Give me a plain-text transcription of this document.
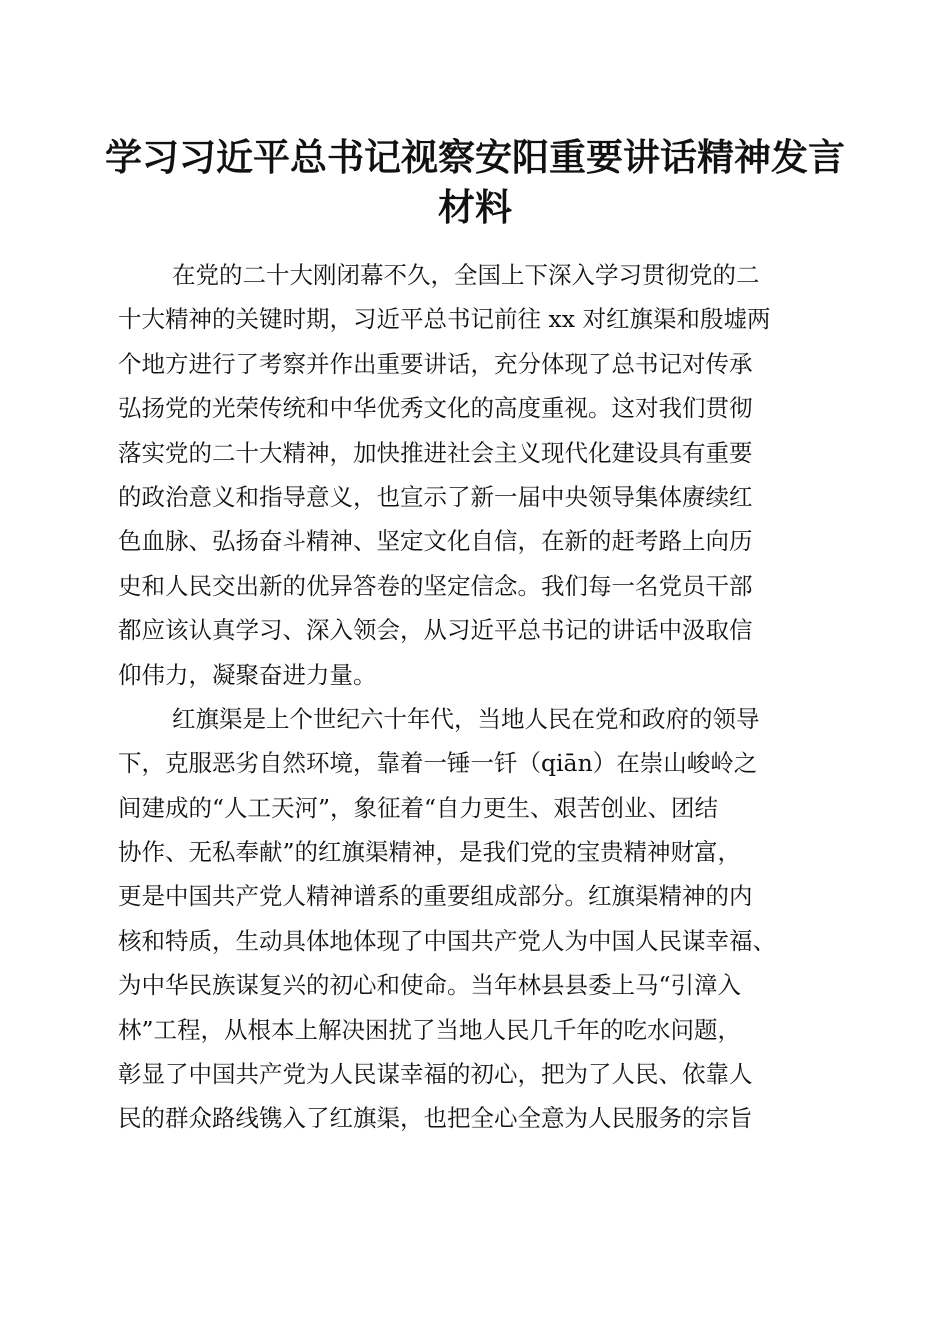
学习习近平总书记视察安阳重要讲话精神发言
材料
在党的二十大刚闭幕不久，全国上下深入学习贯彻党的二
十大精神的关键时期，习近平总书记前往 xx 对红旗渠和殷墟两
个地方进行了考察并作出重要讲话，充分体现了总书记对传承
弘扬党的光荣传统和中华优秀文化的高度重视。这对我们贯彻
落实党的二十大精神，加快推进社会主义现代化建设具有重要
的政治意义和指导意义，也宣示了新一届中央领导集体赓续红
色血脉、弘扬奋斗精神、坚定文化自信，在新的赶考路上向历
史和人民交出新的优异答卷的坚定信念。我们每一名党员干部
都应该认真学习、深入领会，从习近平总书记的讲话中汲取信
仰伟力，凝聚奋进力量。
红旗渠是上个世纪六十年代，当地人民在党和政府的领导
下，克服恶劣自然环境，靠着一锤一钎（qiān）在崇山峻岭之
间建成的“人工天河”，象征着“自力更生、艰苦创业、团结
协作、无私奉献”的红旗渠精神，是我们党的宝贵精神财富，
更是中国共产党人精神谱系的重要组成部分。红旗渠精神的内
核和特质，生动具体地体现了中国共产党人为中国人民谋幸福、
为中华民族谋复兴的初心和使命。当年林县县委上马“引漳入
林”工程，从根本上解决困扰了当地人民几千年的吃水问题，
彰显了中国共产党为人民谋幸福的初心，把为了人民、依靠人
民的群众路线镌入了红旗渠，也把全心全意为人民服务的宗旨
